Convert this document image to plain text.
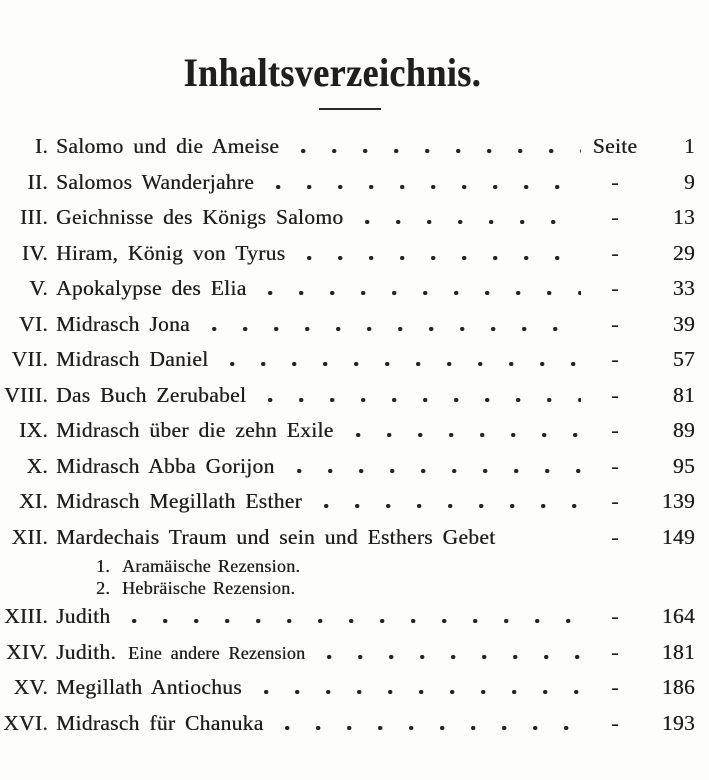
Inhaltsverzeichnis.
I. Salomo und die Ameise	Seite	1
II. Salomos Wanderjahre	-	9
III. Geichnisse des Königs Salomo	-	13
IV. Hiram, König von Tyrus	-	29
V. Apokalypse des Elia	-	33
VI. Midrasch Jona	-	39
VII. Midrasch Daniel	-	57
VIII. Das Buch Zerubabel	-	81
IX. Midrasch über die zehn Exile	-	89
X. Midrasch Abba Gorijon	-	95
XI. Midrasch Megillath Esther	-	139
XII. Mardechais Traum und sein und Esthers Gebet	-	149
1. Aramäische Rezension.
2. Hebräische Rezension.
XIII. Judith	-	164
XIV. Judith. Eine andere Rezension	-	181
XV. Megillath Antiochus	-	186
XVI. Midrasch für Chanuka	-	193
